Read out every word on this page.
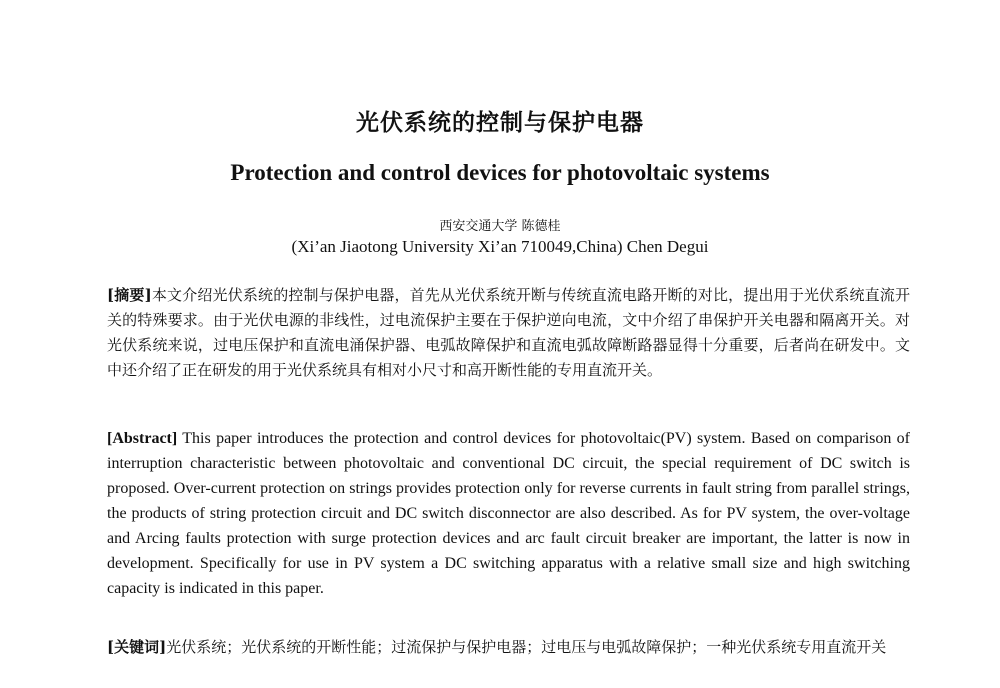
光伏系统的控制与保护电器
Protection and control devices for photovoltaic systems
西安交通大学 陈德桂
(Xi’an Jiaotong University Xi’an 710049,China) Chen Degui

[摘要]本文介绍光伏系统的控制与保护电器，首先从光伏系统开断与传统直流电路开断的对比，提出用于光伏系统直流开关的特殊要求。由于光伏电源的非线性，过电流保护主要在于保护逆向电流，文中介绍了串保护开关电器和隔离开关。对光伏系统来说，过电压保护和直流电涌保护器、电弧故障保护和直流电弧故障断路器显得十分重要，后者尚在研发中。文中还介绍了正在研发的用于光伏系统具有相对小尺寸和高开断性能的专用直流开关。

[Abstract] This paper introduces the protection and control devices for photovoltaic(PV) system. Based on comparison of interruption characteristic between photovoltaic and conventional DC circuit, the special requirement of DC switch is proposed. Over-current protection on strings provides protection only for reverse currents in fault string from parallel strings, the products of string protection circuit and DC switch disconnector are also described. As for PV system, the over-voltage and Arcing faults protection with surge protection devices and arc fault circuit breaker are important, the latter is now in development. Specifically for use in PV system a DC switching apparatus with a relative small size and high switching capacity is indicated in this paper.

[关键词]光伏系统；光伏系统的开断性能；过流保护与保护电器；过电压与电弧故障保护；一种光伏系统专用直流开关
